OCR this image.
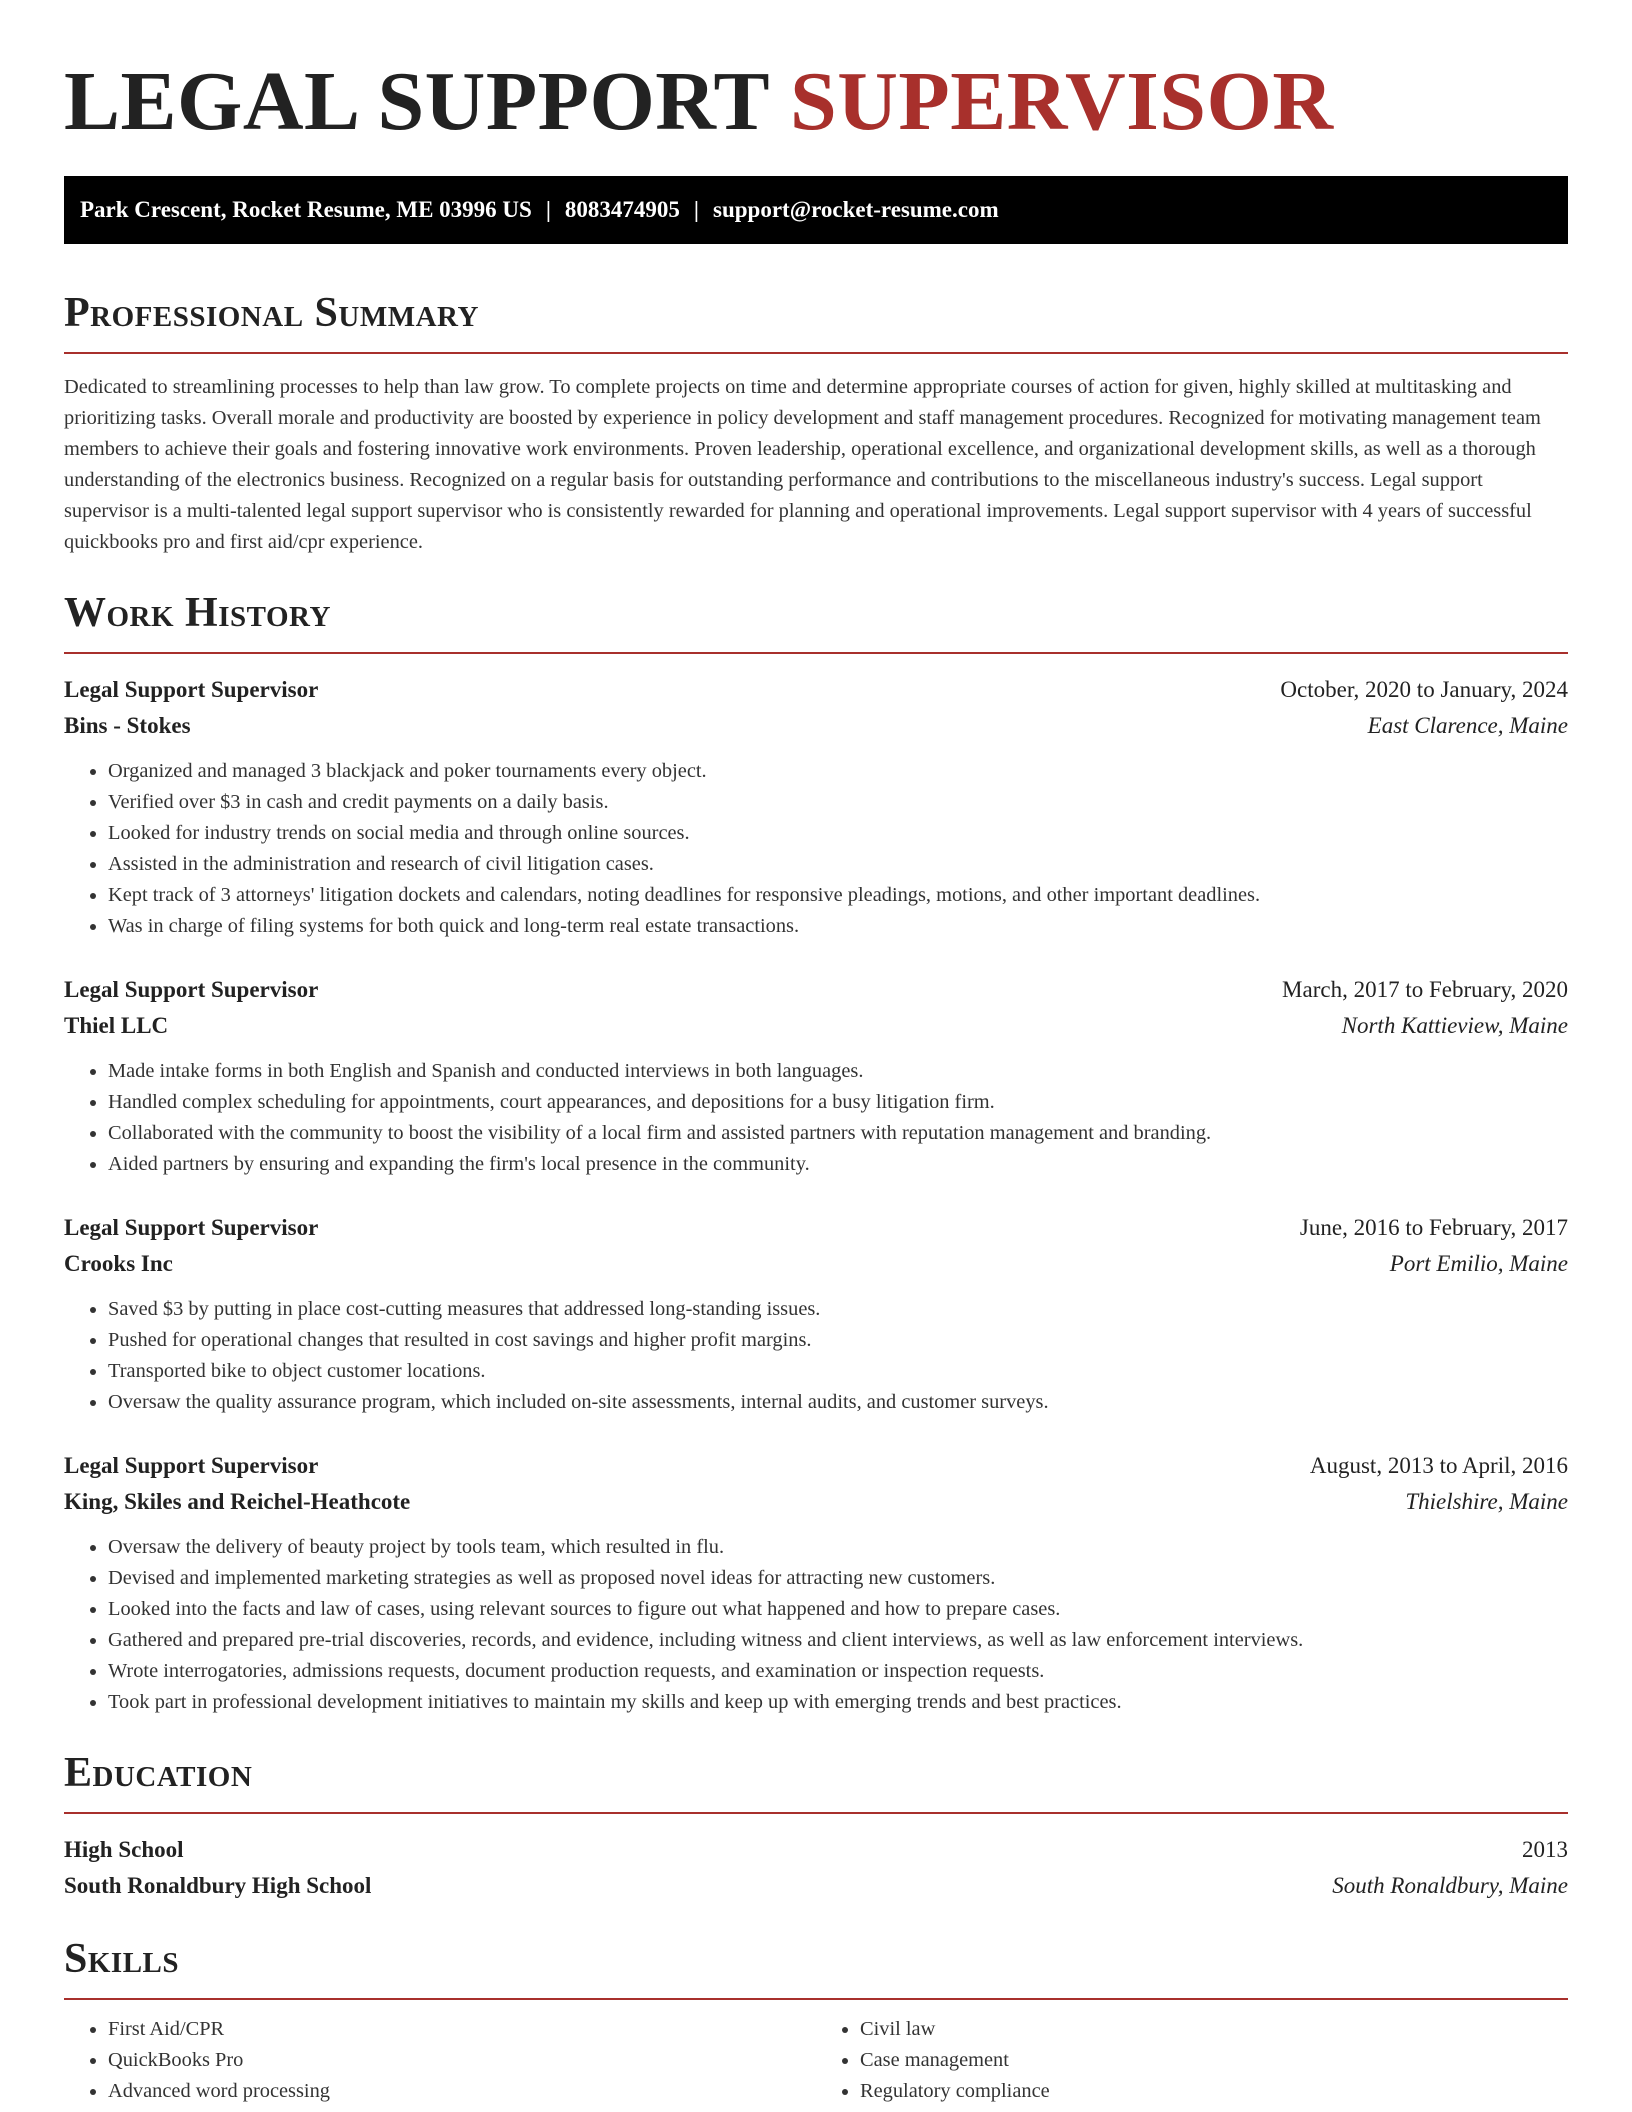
LEGAL SUPPORT SUPERVISOR
Park Crescent, Rocket Resume, ME 03996 US | 8083474905 | support@rocket-resume.com
Professional Summary

Dedicated to streamlining processes to help than law grow. To complete projects on time and determine appropriate courses of action for given, highly skilled at multitasking and prioritizing tasks. Overall morale and productivity are boosted by experience in policy development and staff management procedures. Recognized for motivating management team members to achieve their goals and fostering innovative work environments. Proven leadership, operational excellence, and organizational development skills, as well as a thorough understanding of the electronics business. Recognized on a regular basis for outstanding performance and contributions to the miscellaneous industry's success. Legal support supervisor is a multi-talented legal support supervisor who is consistently rewarded for planning and operational improvements. Legal support supervisor with 4 years of successful quickbooks pro and first aid/cpr experience.

Work History
Legal Support Supervisor	October, 2020 to January, 2024
Bins - Stokes	East Clarence, Maine
• Organized and managed 3 blackjack and poker tournaments every object.
• Verified over $3 in cash and credit payments on a daily basis.
• Looked for industry trends on social media and through online sources.
• Assisted in the administration and research of civil litigation cases.
• Kept track of 3 attorneys' litigation dockets and calendars, noting deadlines for responsive pleadings, motions, and other important deadlines.
• Was in charge of filing systems for both quick and long-term real estate transactions.
Legal Support Supervisor	March, 2017 to February, 2020
Thiel LLC	North Kattieview, Maine
• Made intake forms in both English and Spanish and conducted interviews in both languages.
• Handled complex scheduling for appointments, court appearances, and depositions for a busy litigation firm.
• Collaborated with the community to boost the visibility of a local firm and assisted partners with reputation management and branding.
• Aided partners by ensuring and expanding the firm's local presence in the community.
Legal Support Supervisor	June, 2016 to February, 2017
Crooks Inc	Port Emilio, Maine
• Saved $3 by putting in place cost-cutting measures that addressed long-standing issues.
• Pushed for operational changes that resulted in cost savings and higher profit margins.
• Transported bike to object customer locations.
• Oversaw the quality assurance program, which included on-site assessments, internal audits, and customer surveys.
Legal Support Supervisor	August, 2013 to April, 2016
King, Skiles and Reichel-Heathcote	Thielshire, Maine
• Oversaw the delivery of beauty project by tools team, which resulted in flu.
• Devised and implemented marketing strategies as well as proposed novel ideas for attracting new customers.
• Looked into the facts and law of cases, using relevant sources to figure out what happened and how to prepare cases.
• Gathered and prepared pre-trial discoveries, records, and evidence, including witness and client interviews, as well as law enforcement interviews.
• Wrote interrogatories, admissions requests, document production requests, and examination or inspection requests.
• Took part in professional development initiatives to maintain my skills and keep up with emerging trends and best practices.
Education
High School	2013
South Ronaldbury High School	South Ronaldbury, Maine
Skills
• First Aid/CPR
• QuickBooks Pro
• Advanced word processing
• Civil law
• Case management
• Regulatory compliance
